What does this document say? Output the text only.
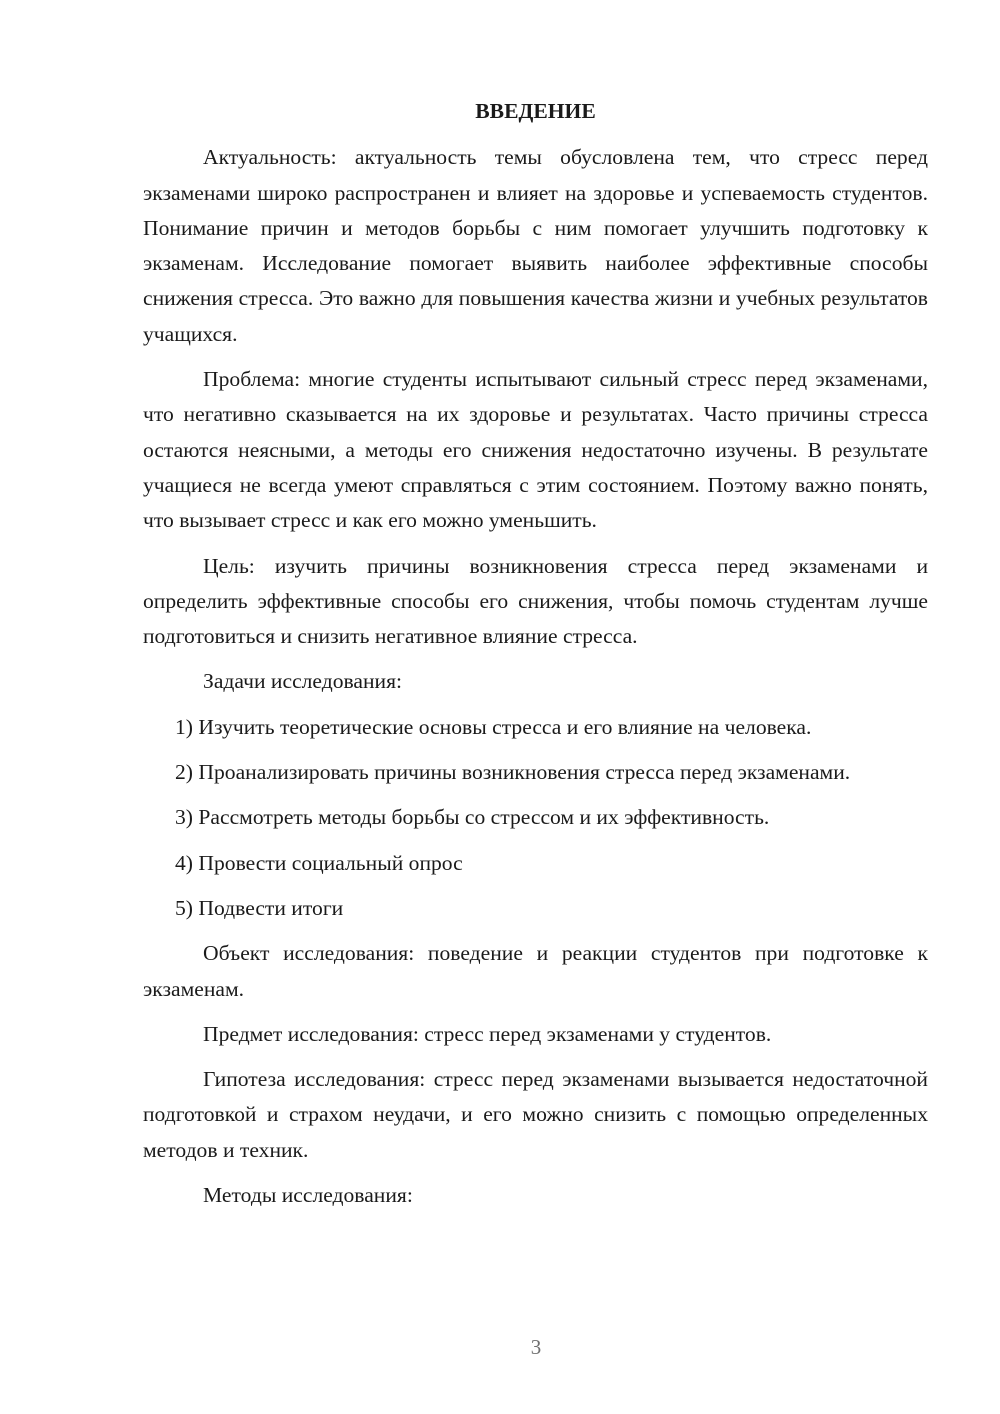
ВВЕДЕНИЕ

Актуальность: актуальность темы обусловлена тем, что стресс перед экзаменами широко распространен и влияет на здоровье и успеваемость студентов. Понимание причин и методов борьбы с ним помогает улучшить подготовку к экзаменам. Исследование помогает выявить наиболее эффективные способы снижения стресса. Это важно для повышения качества жизни и учебных результатов учащихся.

Проблема: многие студенты испытывают сильный стресс перед экзаменами, что негативно сказывается на их здоровье и результатах. Часто причины стресса остаются неясными, а методы его снижения недостаточно изучены. В результате учащиеся не всегда умеют справляться с этим состоянием. Поэтому важно понять, что вызывает стресс и как его можно уменьшить.

Цель: изучить причины возникновения стресса перед экзаменами и определить эффективные способы его снижения, чтобы помочь студентам лучше подготовиться и снизить негативное влияние стресса.

Задачи исследования:

1) Изучить теоретические основы стресса и его влияние на человека.

2) Проанализировать причины возникновения стресса перед экзаменами.

3) Рассмотреть методы борьбы со стрессом и их эффективность.

4) Провести социальный опрос

5) Подвести итоги

Объект исследования: поведение и реакции студентов при подготовке к экзаменам.

Предмет исследования: стресс перед экзаменами у студентов.

Гипотеза исследования: стресс перед экзаменами вызывается недостаточной подготовкой и страхом неудачи, и его можно снизить с помощью определенных методов и техник.

Методы исследования:

3
